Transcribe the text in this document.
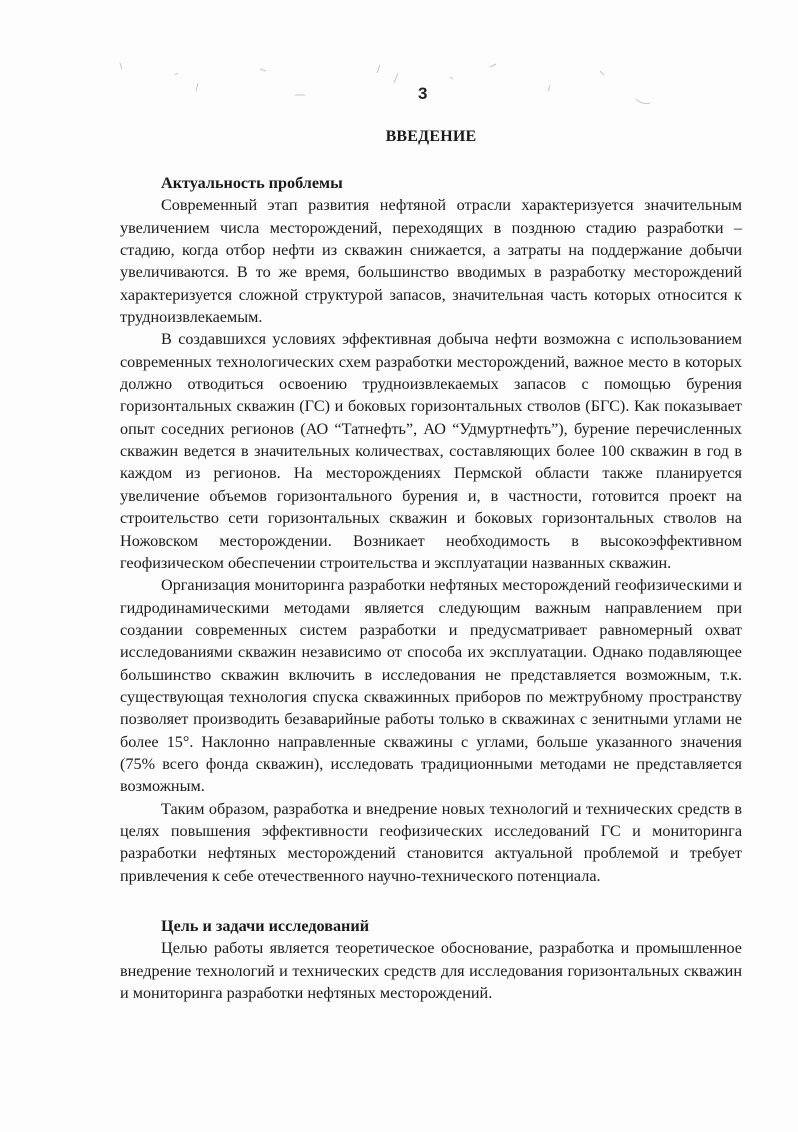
3
ВВЕДЕНИЕ
Актуальность проблемы

Современный этап развития нефтяной отрасли характеризуется значительным увеличением числа месторождений, переходящих в позднюю стадию разработки – стадию, когда отбор нефти из скважин снижается, а затраты на поддержание добычи увеличиваются. В то же время, большинство вводимых в разработку месторождений характеризуется сложной структурой запасов, значительная часть которых относится к трудноизвлекаемым.

В создавшихся условиях эффективная добыча нефти возможна с использованием современных технологических схем разработки месторождений, важное место в которых должно отводиться освоению трудноизвлекаемых запасов с помощью бурения горизонтальных скважин (ГС) и боковых горизонтальных стволов (БГС). Как показывает опыт соседних регионов (АО “Татнефть”, АО “Удмуртнефть”), бурение перечисленных скважин ведется в значительных количествах, составляющих более 100 скважин в год в каждом из регионов. На месторождениях Пермской области также планируется увеличение объемов горизонтального бурения и, в частности, готовится проект на строительство сети горизонтальных скважин и боковых горизонтальных стволов на Ножовском месторождении. Возникает необходимость в высокоэффективном геофизическом обеспечении строительства и эксплуатации названных скважин.

Организация мониторинга разработки нефтяных месторождений геофизическими и гидродинамическими методами является следующим важным направлением при создании современных систем разработки и предусматривает равномерный охват исследованиями скважин независимо от способа их эксплуатации. Однако подавляющее большинство скважин включить в исследования не представляется возможным, т.к. существующая технология спуска скважинных приборов по межтрубному пространству позволяет производить безаварийные работы только в скважинах с зенитными углами не более 15°. Наклонно направленные скважины с углами, больше указанного значения (75% всего фонда скважин), исследовать традиционными методами не представляется возможным.

Таким образом, разработка и внедрение новых технологий и технических средств в целях повышения эффективности геофизических исследований ГС и мониторинга разработки нефтяных месторождений становится актуальной проблемой и требует привлечения к себе отечественного научно-технического потенциала.

Цель и задачи исследований

Целью работы является теоретическое обоснование, разработка и промышленное внедрение технологий и технических средств для исследования горизонтальных скважин и мониторинга разработки нефтяных месторождений.
